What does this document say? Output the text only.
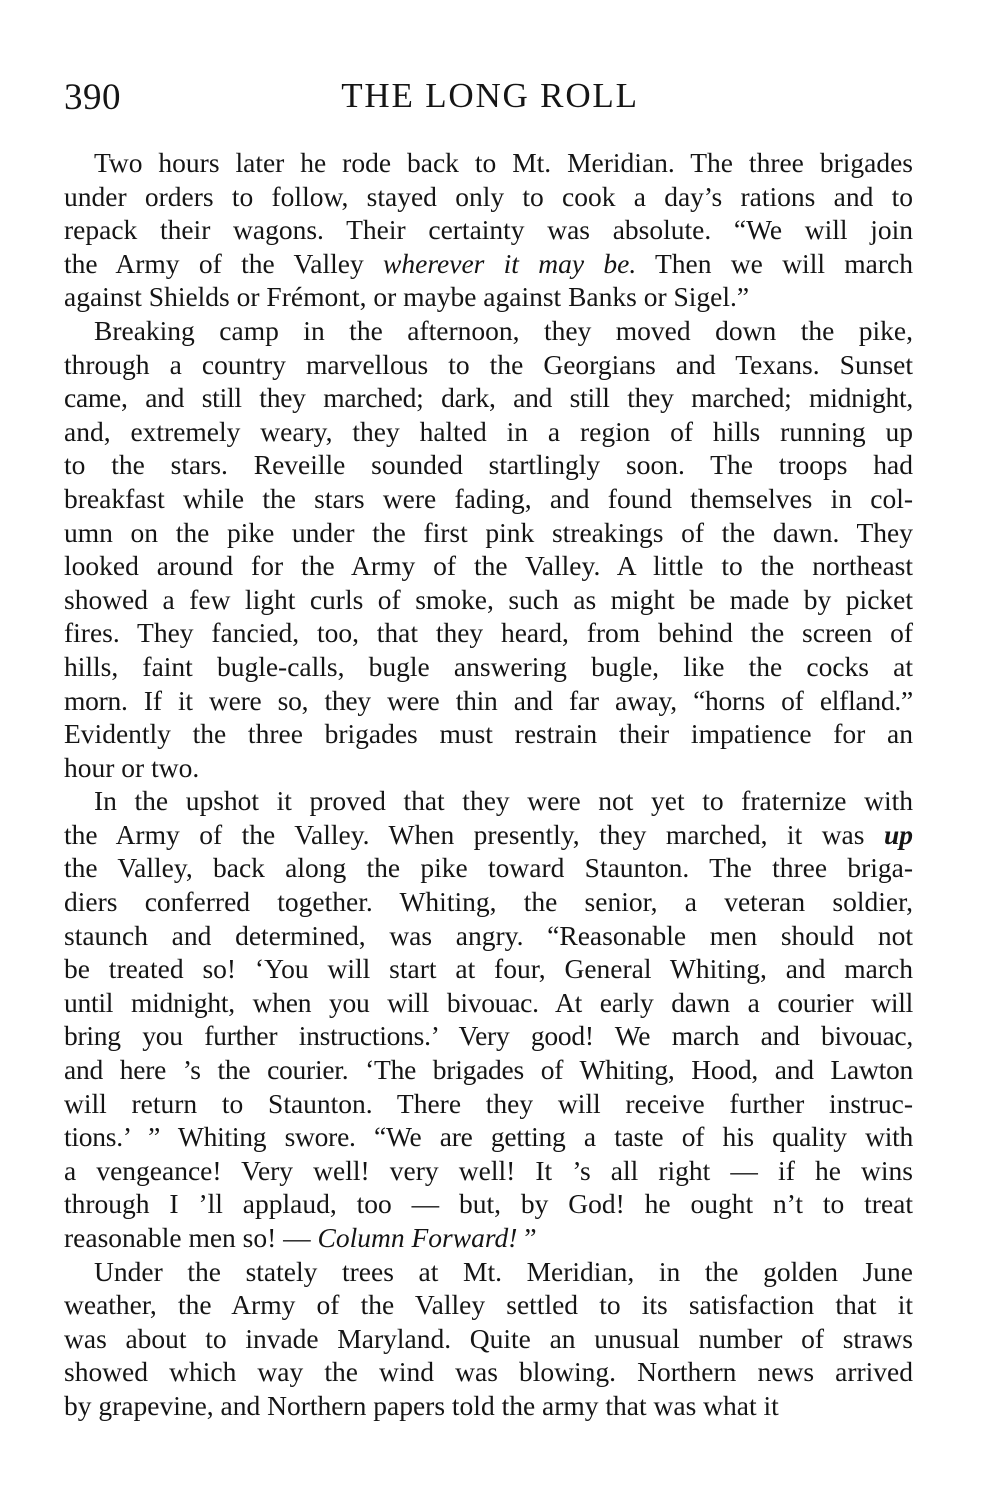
390	THE LONG ROLL
Two hours later he rode back to Mt. Meridian. The three brigades
under orders to follow, stayed only to cook a day’s rations and to
repack their wagons. Their certainty was absolute. “We will join
the Army of the Valley wherever it may be. Then we will march
against Shields or Frémont, or maybe against Banks or Sigel.”
Breaking camp in the afternoon, they moved down the pike,
through a country marvellous to the Georgians and Texans. Sunset
came, and still they marched; dark, and still they marched; midnight,
and, extremely weary, they halted in a region of hills running up
to the stars. Reveille sounded startlingly soon. The troops had
breakfast while the stars were fading, and found themselves in col-
umn on the pike under the first pink streakings of the dawn. They
looked around for the Army of the Valley. A little to the northeast
showed a few light curls of smoke, such as might be made by picket
fires. They fancied, too, that they heard, from behind the screen of
hills, faint bugle-calls, bugle answering bugle, like the cocks at
morn. If it were so, they were thin and far away, “horns of elfland.”
Evidently the three brigades must restrain their impatience for an
hour or two.
In the upshot it proved that they were not yet to fraternize with
the Army of the Valley. When presently, they marched, it was up
the Valley, back along the pike toward Staunton. The three briga-
diers conferred together. Whiting, the senior, a veteran soldier,
staunch and determined, was angry. “Reasonable men should not
be treated so! ‘You will start at four, General Whiting, and march
until midnight, when you will bivouac. At early dawn a courier will
bring you further instructions.’ Very good! We march and bivouac,
and here ’s the courier. ‘The brigades of Whiting, Hood, and Lawton
will return to Staunton. There they will receive further instruc-
tions.’ ” Whiting swore. “We are getting a taste of his quality with
a vengeance! Very well! very well! It ’s all right — if he wins
through I ’ll applaud, too — but, by God! he ought n’t to treat
reasonable men so! — Column Forward! ”
Under the stately trees at Mt. Meridian, in the golden June
weather, the Army of the Valley settled to its satisfaction that it
was about to invade Maryland. Quite an unusual number of straws
showed which way the wind was blowing. Northern news arrived
by grapevine, and Northern papers told the army that was what it
